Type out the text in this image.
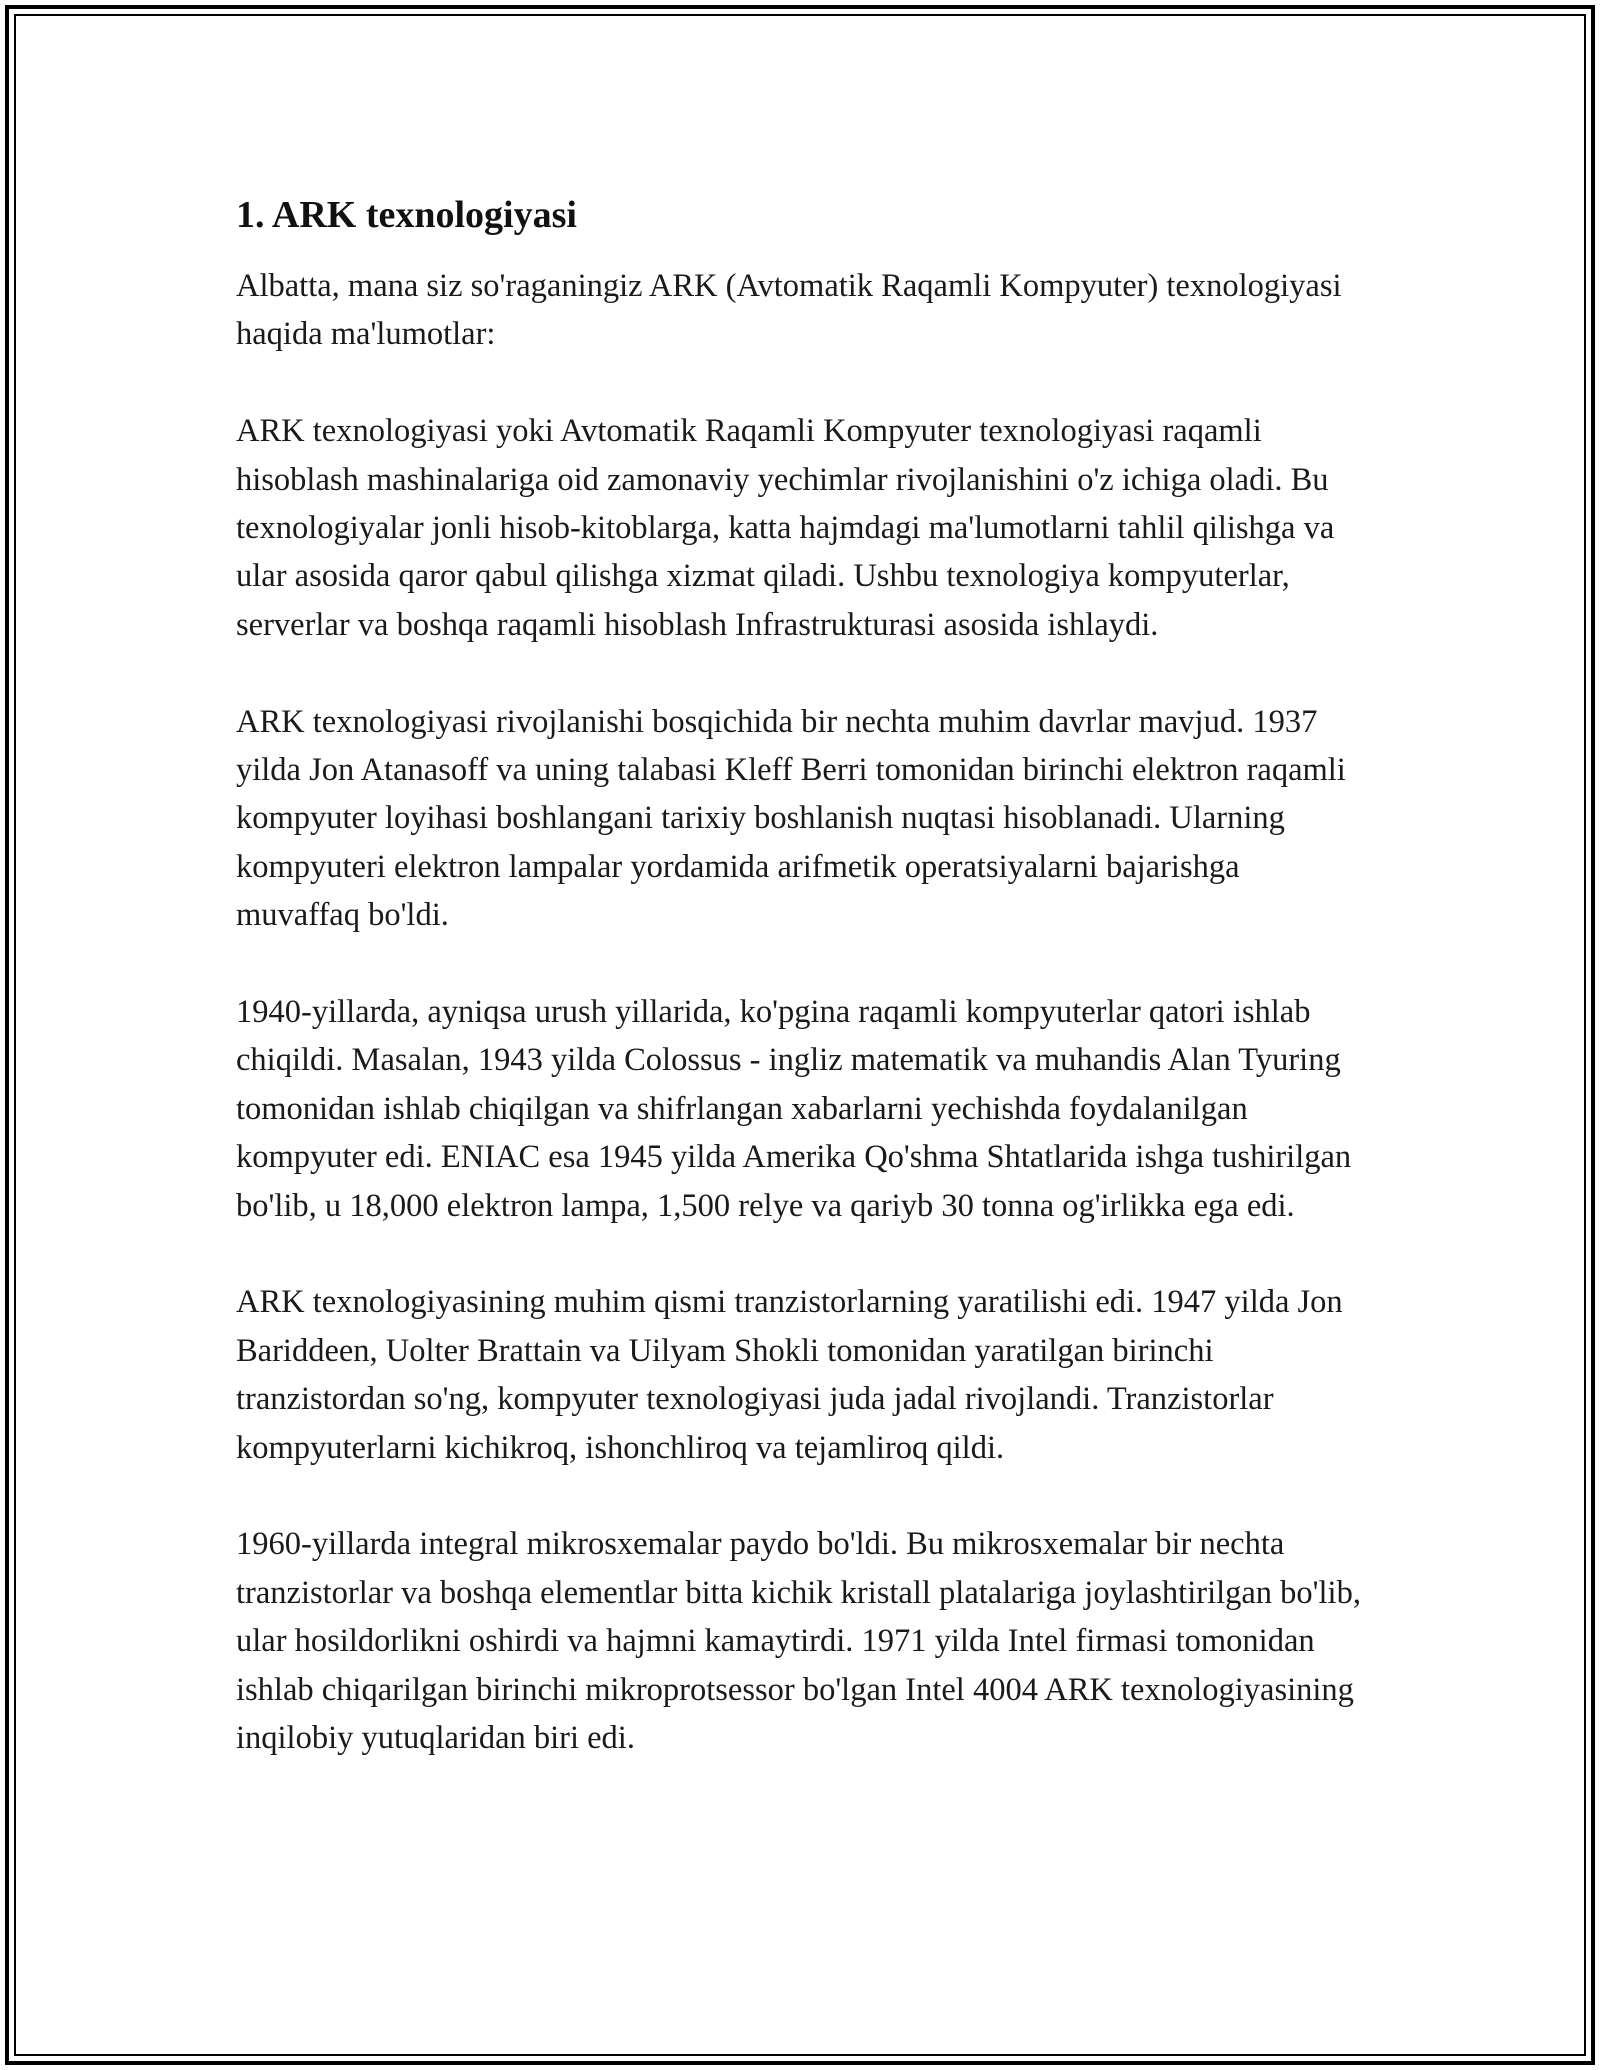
1. ARK texnologiyasi

Albatta, mana siz so'raganingiz ARK (Avtomatik Raqamli Kompyuter) texnologiyasi haqida ma'lumotlar:

ARK texnologiyasi yoki Avtomatik Raqamli Kompyuter texnologiyasi raqamli hisoblash mashinalariga oid zamonaviy yechimlar rivojlanishini o'z ichiga oladi. Bu texnologiyalar jonli hisob-kitoblarga, katta hajmdagi ma'lumotlarni tahlil qilishga va ular asosida qaror qabul qilishga xizmat qiladi. Ushbu texnologiya kompyuterlar, serverlar va boshqa raqamli hisoblash Infrastrukturasi asosida ishlaydi.

ARK texnologiyasi rivojlanishi bosqichida bir nechta muhim davrlar mavjud. 1937 yilda Jon Atanasoff va uning talabasi Kleff Berri tomonidan birinchi elektron raqamli kompyuter loyihasi boshlangani tarixiy boshlanish nuqtasi hisoblanadi. Ularning kompyuteri elektron lampalar yordamida arifmetik operatsiyalarni bajarishga muvaffaq bo'ldi.

1940-yillarda, ayniqsa urush yillarida, ko'pgina raqamli kompyuterlar qatori ishlab chiqildi. Masalan, 1943 yilda Colossus - ingliz matematik va muhandis Alan Tyuring tomonidan ishlab chiqilgan va shifrlangan xabarlarni yechishda foydalanilgan kompyuter edi. ENIAC esa 1945 yilda Amerika Qo'shma Shtatlarida ishga tushirilgan bo'lib, u 18,000 elektron lampa, 1,500 relye va qariyb 30 tonna og'irlikka ega edi.

ARK texnologiyasining muhim qismi tranzistorlarning yaratilishi edi. 1947 yilda Jon Bariddeen, Uolter Brattain va Uilyam Shokli tomonidan yaratilgan birinchi tranzistordan so'ng, kompyuter texnologiyasi juda jadal rivojlandi. Tranzistorlar kompyuterlarni kichikroq, ishonchliroq va tejamliroq qildi.

1960-yillarda integral mikrosxemalar paydo bo'ldi. Bu mikrosxemalar bir nechta tranzistorlar va boshqa elementlar bitta kichik kristall platalariga joylashtirilgan bo'lib, ular hosildorlikni oshirdi va hajmni kamaytirdi. 1971 yilda Intel firmasi tomonidan ishlab chiqarilgan birinchi mikroprotsessor bo'lgan Intel 4004 ARK texnologiyasining inqilobiy yutuqlaridan biri edi.
